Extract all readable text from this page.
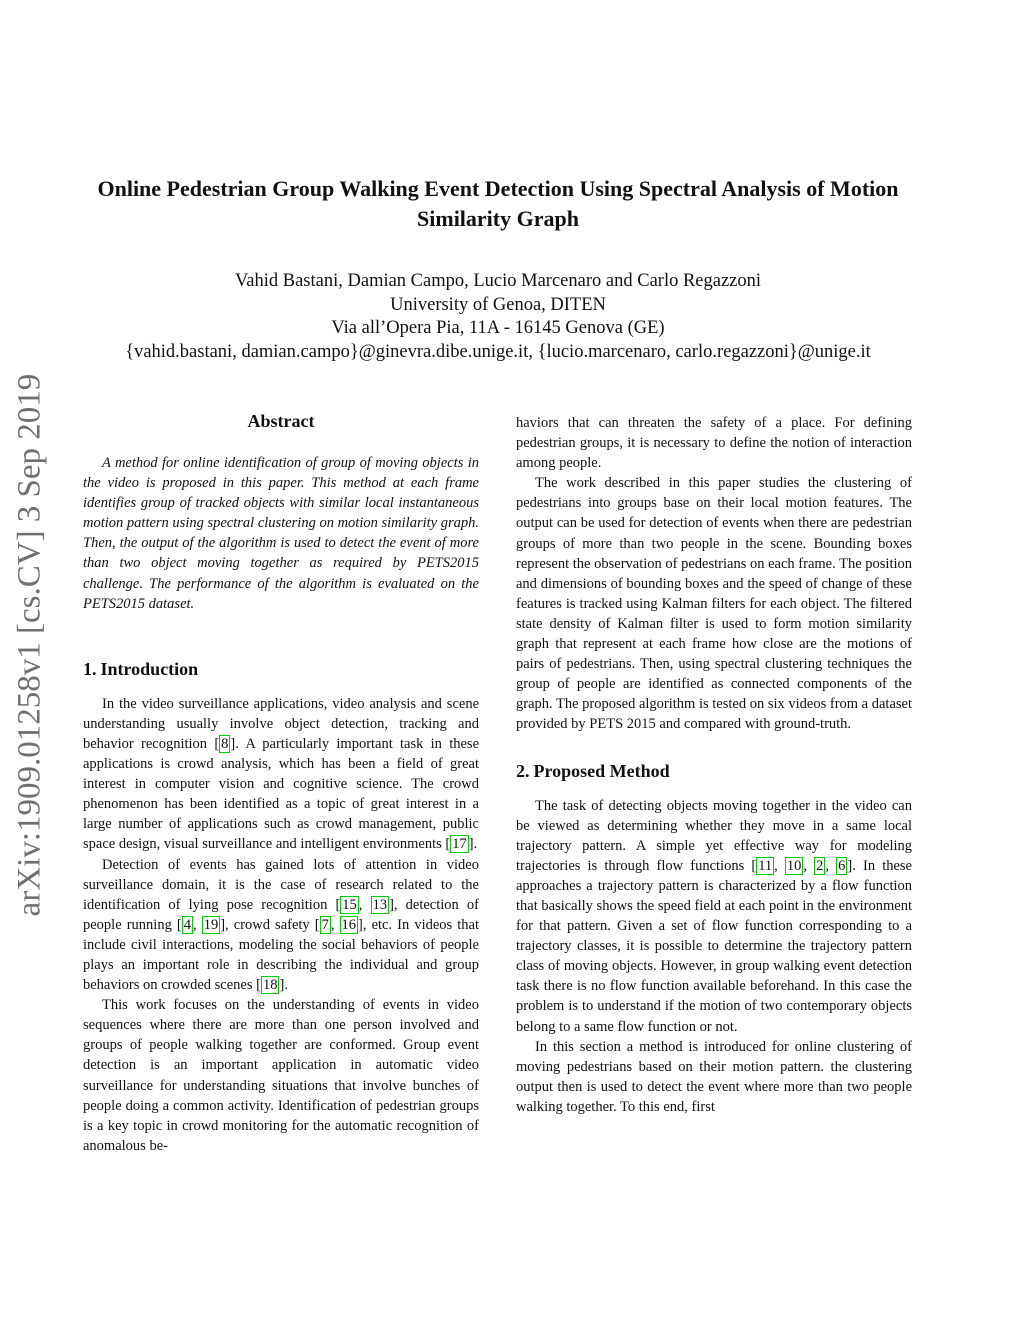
arXiv:1909.01258v1 [cs.CV] 3 Sep 2019
Online Pedestrian Group Walking Event Detection Using Spectral Analysis of Motion Similarity Graph
Vahid Bastani, Damian Campo, Lucio Marcenaro and Carlo Regazzoni
University of Genoa, DITEN
Via all’Opera Pia, 11A - 16145 Genova (GE)
{vahid.bastani, damian.campo}@ginevra.dibe.unige.it, {lucio.marcenaro, carlo.regazzoni}@unige.it
Abstract

A method for online identification of group of moving objects in the video is proposed in this paper. This method at each frame identifies group of tracked objects with similar local instantaneous motion pattern using spectral clustering on motion similarity graph. Then, the output of the algorithm is used to detect the event of more than two object moving together as required by PETS2015 challenge. The performance of the algorithm is evaluated on the PETS2015 dataset.

1. Introduction

In the video surveillance applications, video analysis and scene understanding usually involve object detection, tracking and behavior recognition [ 8 ]. A particularly important task in these applications is crowd analysis, which has been a field of great interest in computer vision and cognitive science. The crowd phenomenon has been identified as a topic of great interest in a large number of applications such as crowd management, public space design, visual surveillance and intelligent environments [ 17 ].

Detection of events has gained lots of attention in video surveillance domain, it is the case of research related to the identification of lying pose recognition [ 15 , 13 ], detection of people running [ 4 , 19 ], crowd safety [ 7 , 16 ], etc. In videos that include civil interactions, modeling the social behaviors of people plays an important role in describing the individual and group behaviors on crowded scenes [ 18 ].

This work focuses on the understanding of events in video sequences where there are more than one person involved and groups of people walking together are conformed. Group event detection is an important application in automatic video surveillance for understanding situations that involve bunches of people doing a common activity. Identification of pedestrian groups is a key topic in crowd monitoring for the automatic recognition of anomalous be-

haviors that can threaten the safety of a place. For defining pedestrian groups, it is necessary to define the notion of interaction among people.

The work described in this paper studies the clustering of pedestrians into groups base on their local motion features. The output can be used for detection of events when there are pedestrian groups of more than two people in the scene. Bounding boxes represent the observation of pedestrians on each frame. The position and dimensions of bounding boxes and the speed of change of these features is tracked using Kalman filters for each object. The filtered state density of Kalman filter is used to form motion similarity graph that represent at each frame how close are the motions of pairs of pedestrians. Then, using spectral clustering techniques the group of people are identified as connected components of the graph. The proposed algorithm is tested on six videos from a dataset provided by PETS 2015 and compared with ground-truth.

2. Proposed Method

The task of detecting objects moving together in the video can be viewed as determining whether they move in a same local trajectory pattern. A simple yet effective way for modeling trajectories is through flow functions [ 11 , 10 , 2 , 6 ]. In these approaches a trajectory pattern is characterized by a flow function that basically shows the speed field at each point in the environment for that pattern. Given a set of flow function corresponding to a trajectory classes, it is possible to determine the trajectory pattern class of moving objects. However, in group walking event detection task there is no flow function available beforehand. In this case the problem is to understand if the motion of two contemporary objects belong to a same flow function or not.

In this section a method is introduced for online clustering of moving pedestrians based on their motion pattern. the clustering output then is used to detect the event where more than two people walking together. To this end, first
